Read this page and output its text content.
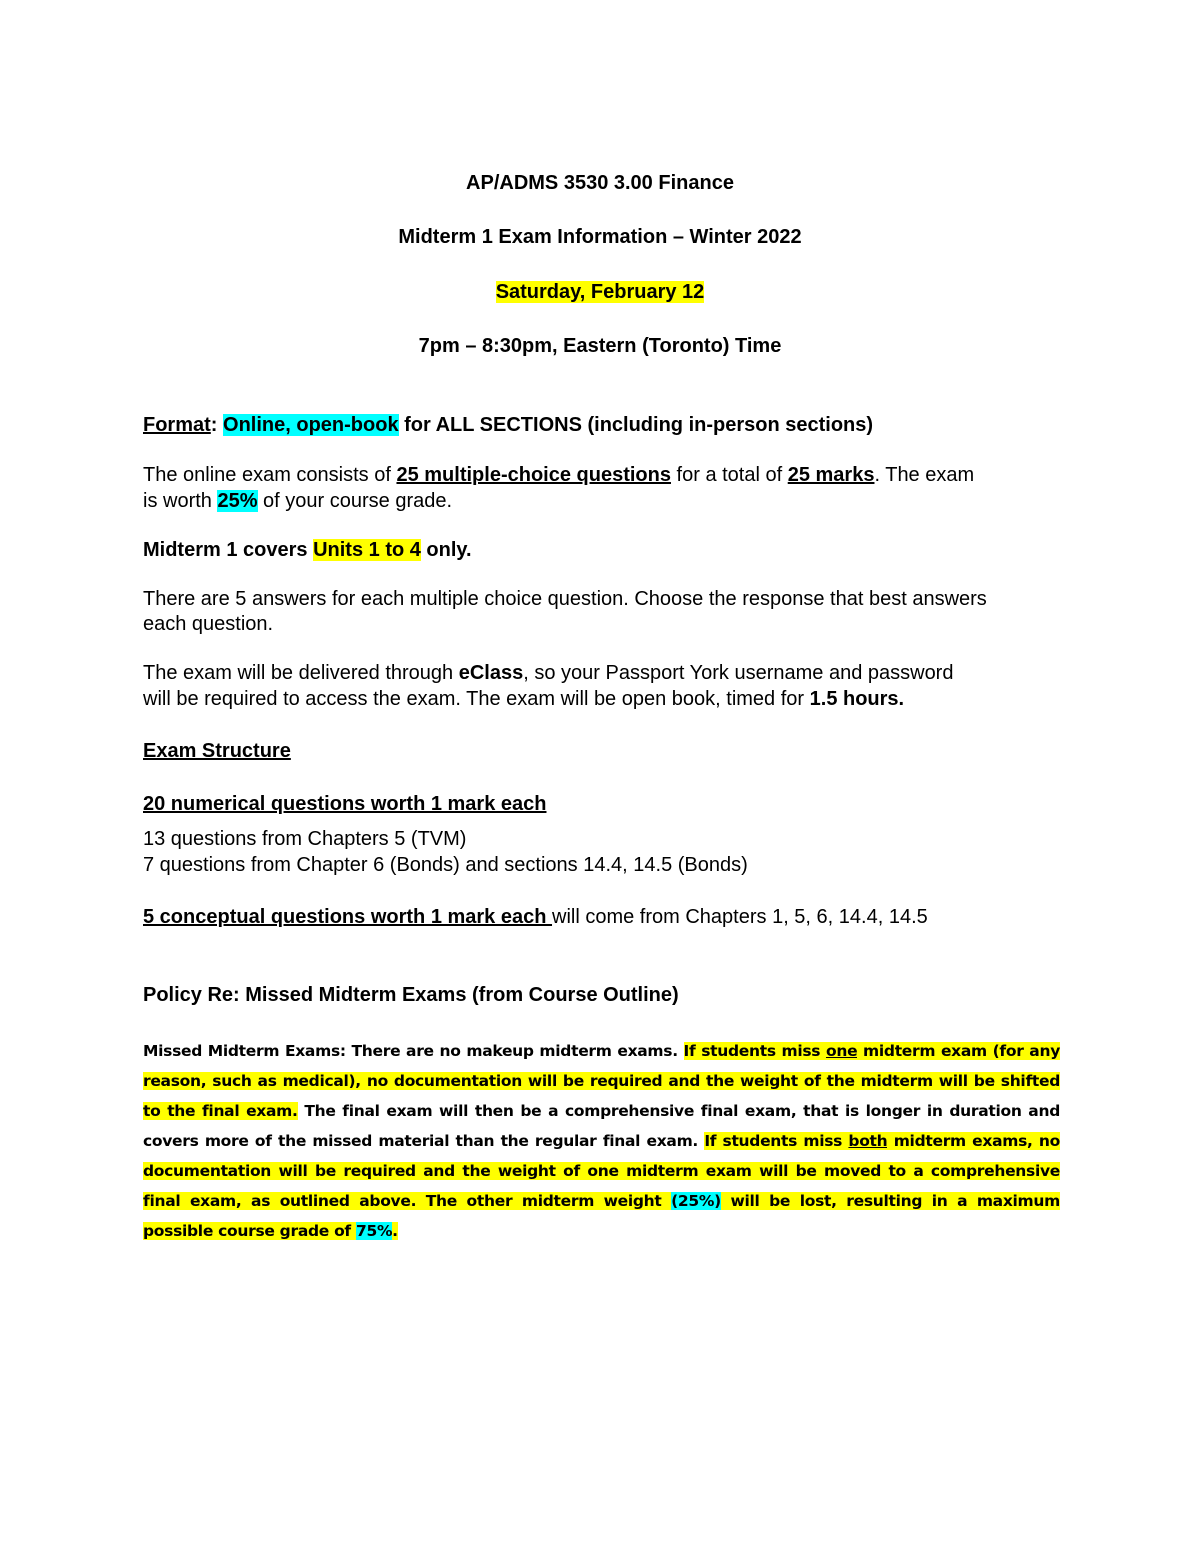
AP/ADMS 3530 3.00 Finance
Midterm 1 Exam Information – Winter 2022
Saturday, February 12
7pm – 8:30pm, Eastern (Toronto) Time
Format: Online, open-book for ALL SECTIONS (including in-person sections)
The online exam consists of 25 multiple-choice questions for a total of 25 marks. The exam
is worth 25% of your course grade.
Midterm 1 covers Units 1 to 4 only.
There are 5 answers for each multiple choice question. Choose the response that best answers
each question.
The exam will be delivered through eClass, so your Passport York username and password
will be required to access the exam. The exam will be open book, timed for 1.5 hours.
Exam Structure
20 numerical questions worth 1 mark each
13 questions from Chapters 5 (TVM)
7 questions from Chapter 6 (Bonds) and sections 14.4, 14.5 (Bonds)
5 conceptual questions worth 1 mark each will come from Chapters 1, 5, 6, 14.4, 14.5
Policy Re: Missed Midterm Exams (from Course Outline)
Missed Midterm Exams: There are no makeup midterm exams. If students miss one midterm exam (for any reason, such as medical), no documentation will be required and the weight of the midterm will be shifted to the final exam. The final exam will then be a comprehensive final exam, that is longer in duration and covers more of the missed material than the regular final exam. If students miss both midterm exams, no documentation will be required and the weight of one midterm exam will be moved to a comprehensive final exam, as outlined above. The other midterm weight (25%) will be lost, resulting in a maximum possible course grade of 75%.
